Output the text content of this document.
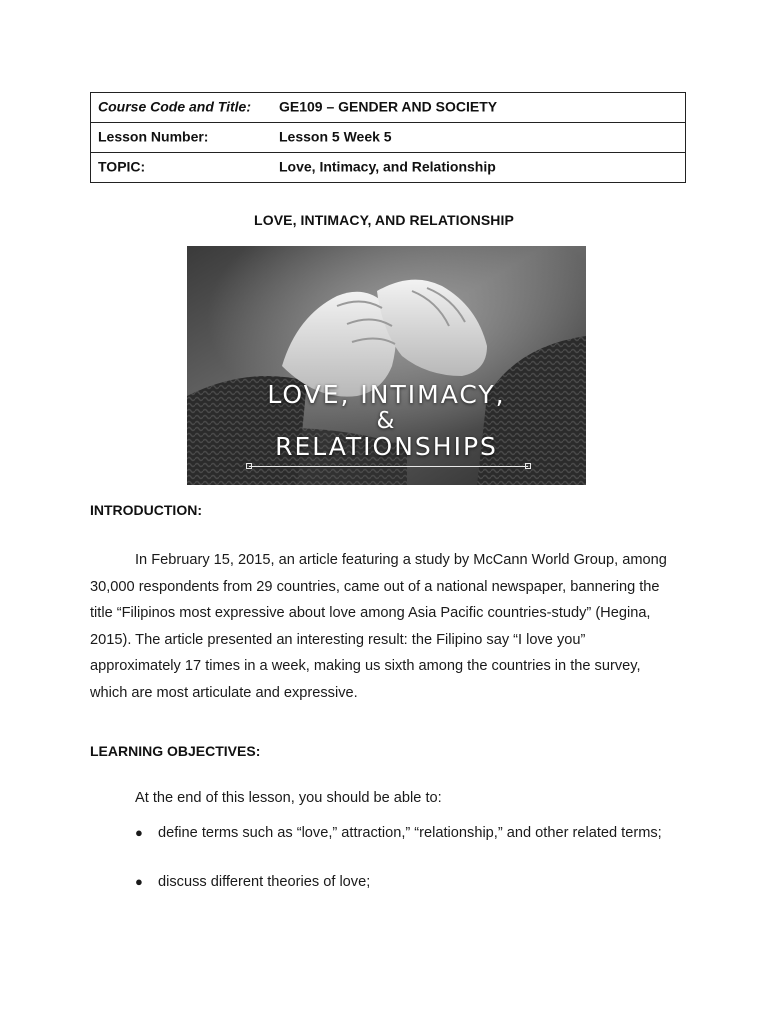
Course Code and Title: GE109 – GENDER AND SOCIETY

Lesson Number:	Lesson 5 Week 5

TOPIC:	Love, Intimacy, and Relationship
LOVE, INTIMACY, AND RELATIONSHIP
LOVE, INTIMACY,
&
RELATIONSHIPS
INTRODUCTION:
In February 15, 2015, an article featuring a study by McCann World Group, among
30,000 respondents from 29 countries, came out of a national newspaper, bannering the
title “Filipinos most expressive about love among Asia Pacific countries-study” (Hegina,
2015). The article presented an interesting result: the Filipino say “I love you”
approximately 17 times in a week, making us sixth among the countries in the survey,
which are most articulate and expressive.
LEARNING OBJECTIVES:
At the end of this lesson, you should be able to:
● define terms such as “love,” attraction,” “relationship,” and other related terms;
● discuss different theories of love;
